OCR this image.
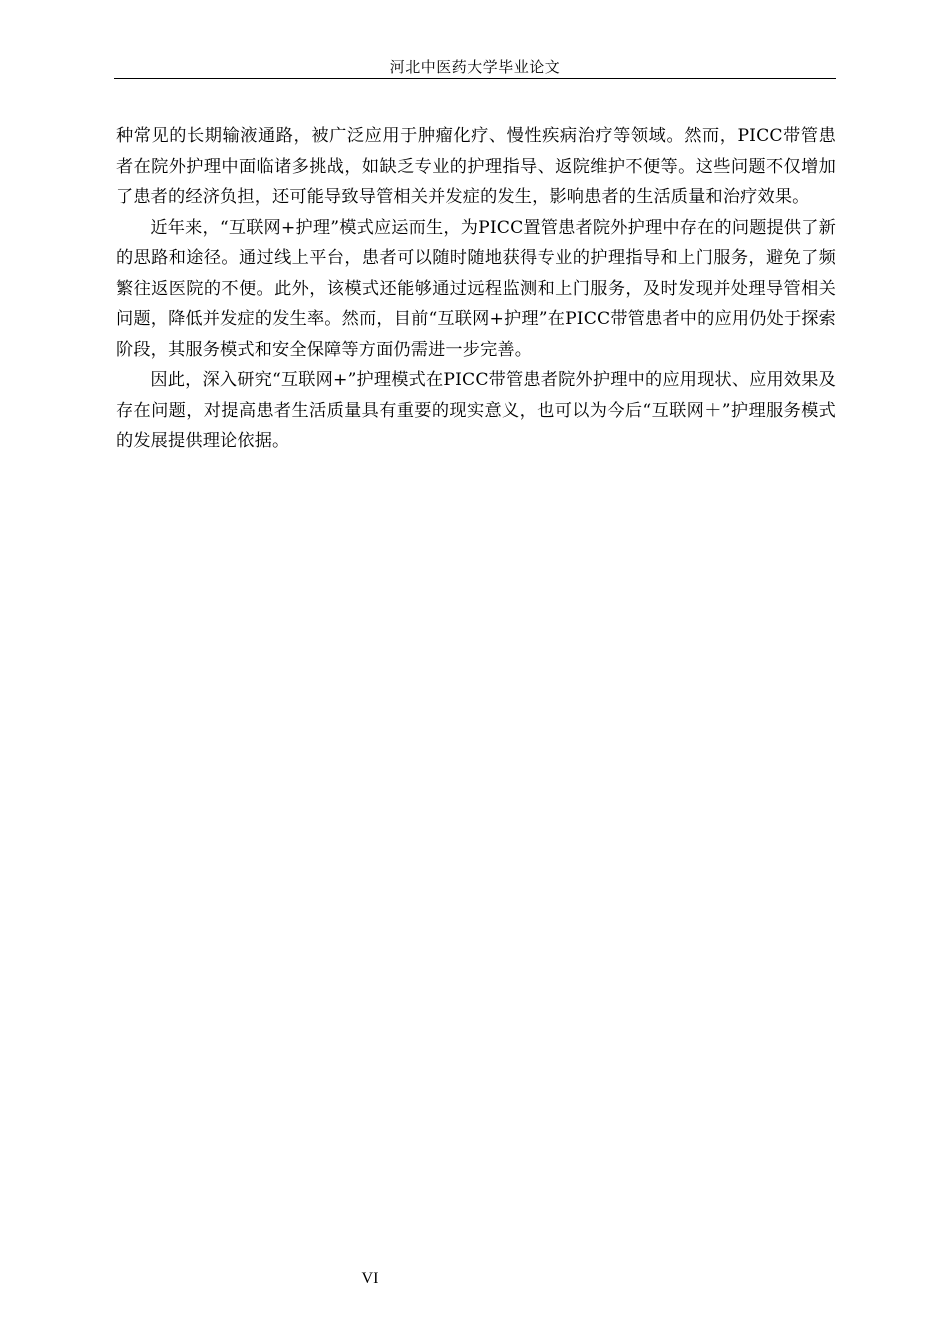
河北中医药大学毕业论文

种常见的长期输液通路，被广泛应用于肿瘤化疗、慢性疾病治疗等领域。然而，PICC带管患者在院外护理中面临诸多挑战，如缺乏专业的护理指导、返院维护不便等。这些问题不仅增加了患者的经济负担，还可能导致导管相关并发症的发生，影响患者的生活质量和治疗效果。

近年来，“互联网+护理”模式应运而生，为PICC置管患者院外护理中存在的问题提供了新的思路和途径。通过线上平台，患者可以随时随地获得专业的护理指导和上门服务，避免了频繁往返医院的不便。此外，该模式还能够通过远程监测和上门服务，及时发现并处理导管相关问题，降低并发症的发生率。然而，目前“互联网+护理”在PICC带管患者中的应用仍处于探索阶段，其服务模式和安全保障等方面仍需进一步完善。

因此，深入研究“互联网+”护理模式在PICC带管患者院外护理中的应用现状、应用效果及存在问题，对提高患者生活质量具有重要的现实意义，也可以为今后“互联网＋”护理服务模式的发展提供理论依据。

VI
